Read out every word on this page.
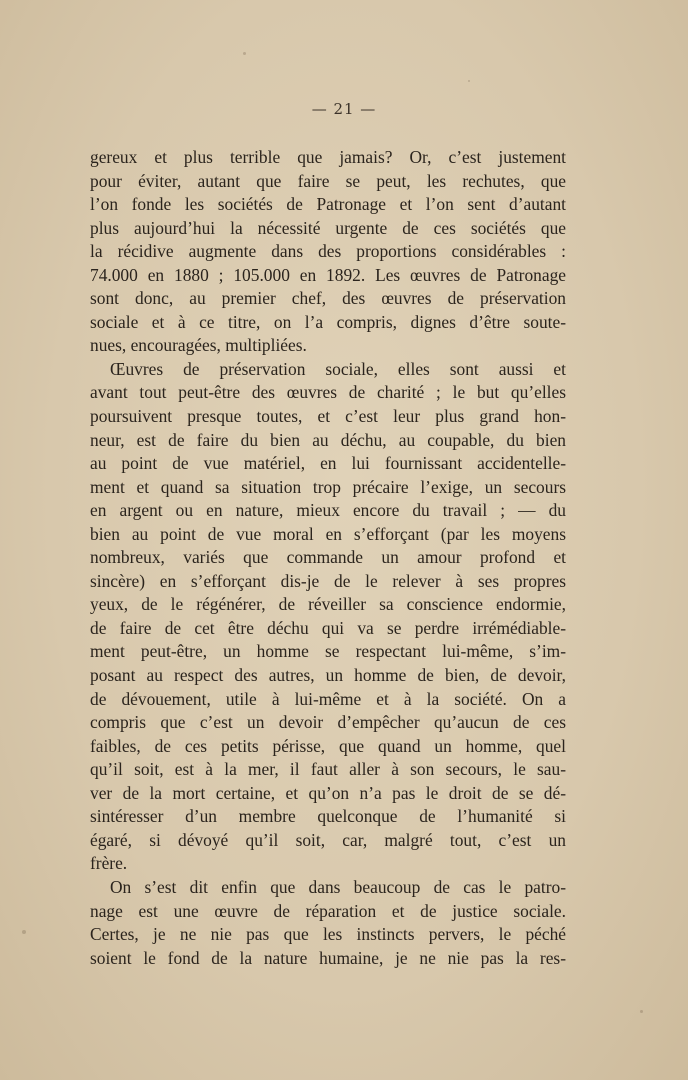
— 21 —
gereux et plus terrible que jamais? Or, c’est justement
pour éviter, autant que faire se peut, les rechutes, que
l’on fonde les sociétés de Patronage et l’on sent d’autant
plus aujourd’hui la nécessité urgente de ces sociétés que
la récidive augmente dans des proportions considérables :
74.000 en 1880 ; 105.000 en 1892. Les œuvres de Patronage
sont donc, au premier chef, des œuvres de préservation
sociale et à ce titre, on l’a compris, dignes d’être soute-
nues, encouragées, multipliées.
Œuvres de préservation sociale, elles sont aussi et
avant tout peut-être des œuvres de charité ; le but qu’elles
poursuivent presque toutes, et c’est leur plus grand hon-
neur, est de faire du bien au déchu, au coupable, du bien
au point de vue matériel, en lui fournissant accidentelle-
ment et quand sa situation trop précaire l’exige, un secours
en argent ou en nature, mieux encore du travail ; — du
bien au point de vue moral en s’efforçant (par les moyens
nombreux, variés que commande un amour profond et
sincère) en s’efforçant dis-je de le relever à ses propres
yeux, de le régénérer, de réveiller sa conscience endormie,
de faire de cet être déchu qui va se perdre irrémédiable-
ment peut-être, un homme se respectant lui-même, s’im-
posant au respect des autres, un homme de bien, de devoir,
de dévouement, utile à lui-même et à la société. On a
compris que c’est un devoir d’empêcher qu’aucun de ces
faibles, de ces petits périsse, que quand un homme, quel
qu’il soit, est à la mer, il faut aller à son secours, le sau-
ver de la mort certaine, et qu’on n’a pas le droit de se dé-
sintéresser d’un membre quelconque de l’humanité si
égaré, si dévoyé qu’il soit, car, malgré tout, c’est un
frère.
On s’est dit enfin que dans beaucoup de cas le patro-
nage est une œuvre de réparation et de justice sociale.
Certes, je ne nie pas que les instincts pervers, le péché
soient le fond de la nature humaine, je ne nie pas la res-
